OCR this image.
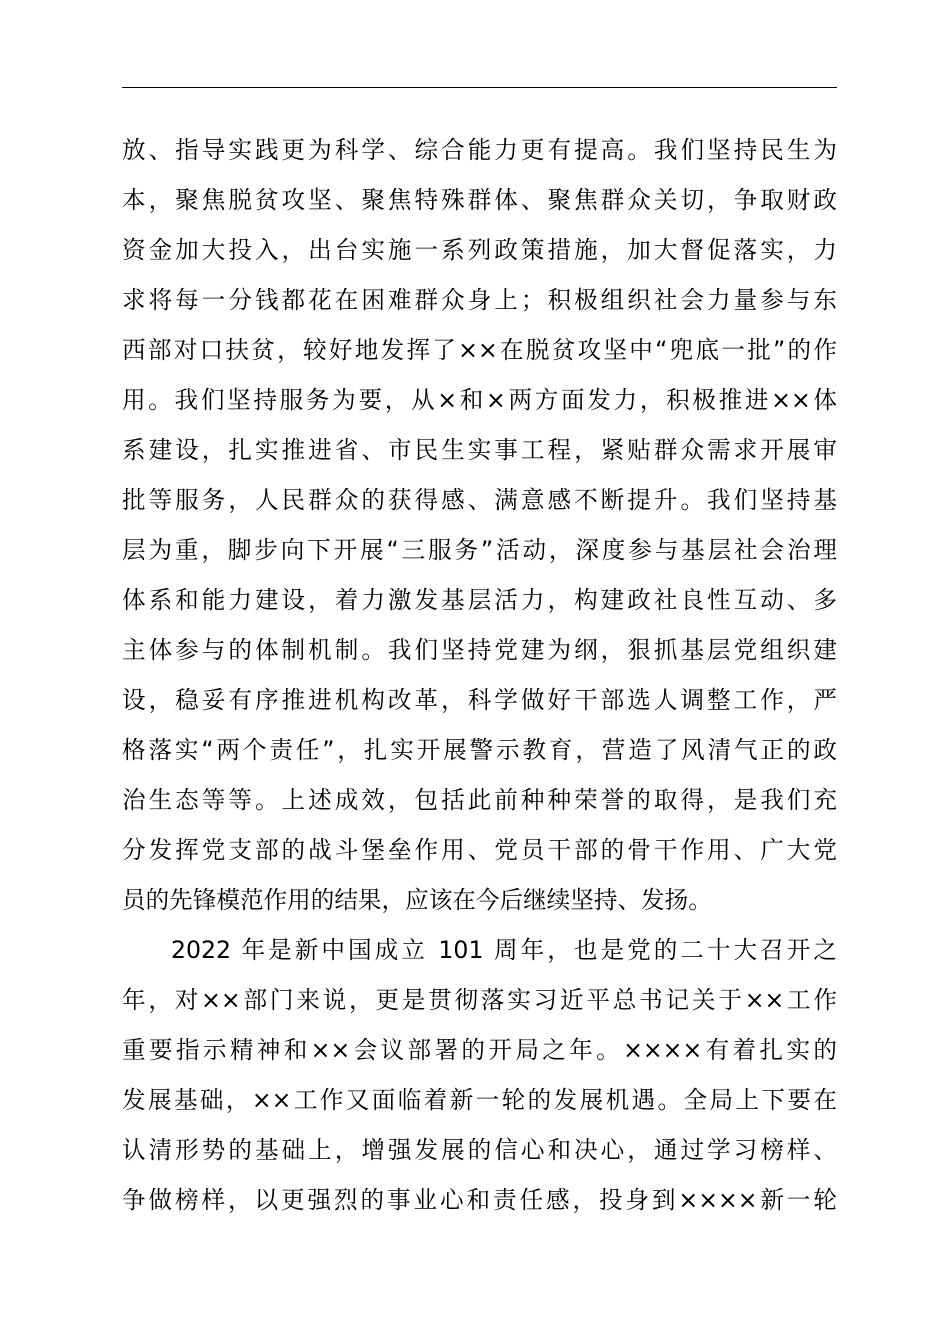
放、指导实践更为科学、综合能力更有提高。我们坚持民生为
本，聚焦脱贫攻坚、聚焦特殊群体、聚焦群众关切，争取财政
资金加大投入，出台实施一系列政策措施，加大督促落实，力
求将每一分钱都花在困难群众身上；积极组织社会力量参与东
西部对口扶贫，较好地发挥了××在脱贫攻坚中“兜底一批”的作
用。我们坚持服务为要，从×和×两方面发力，积极推进××体
系建设，扎实推进省、市民生实事工程，紧贴群众需求开展审
批等服务，人民群众的获得感、满意感不断提升。我们坚持基
层为重，脚步向下开展“三服务”活动，深度参与基层社会治理
体系和能力建设，着力激发基层活力，构建政社良性互动、多
主体参与的体制机制。我们坚持党建为纲，狠抓基层党组织建
设，稳妥有序推进机构改革，科学做好干部选人调整工作，严
格落实“两个责任”，扎实开展警示教育，营造了风清气正的政
治生态等等。上述成效，包括此前种种荣誉的取得，是我们充
分发挥党支部的战斗堡垒作用、党员干部的骨干作用、广大党
员的先锋模范作用的结果，应该在今后继续坚持、发扬。
2022 年是新中国成立 101 周年，也是党的二十大召开之
年，对××部门来说，更是贯彻落实习近平总书记关于××工作
重要指示精神和××会议部署的开局之年。××××有着扎实的
发展基础，××工作又面临着新一轮的发展机遇。全局上下要在
认清形势的基础上，增强发展的信心和决心，通过学习榜样、
争做榜样，以更强烈的事业心和责任感，投身到××××新一轮
